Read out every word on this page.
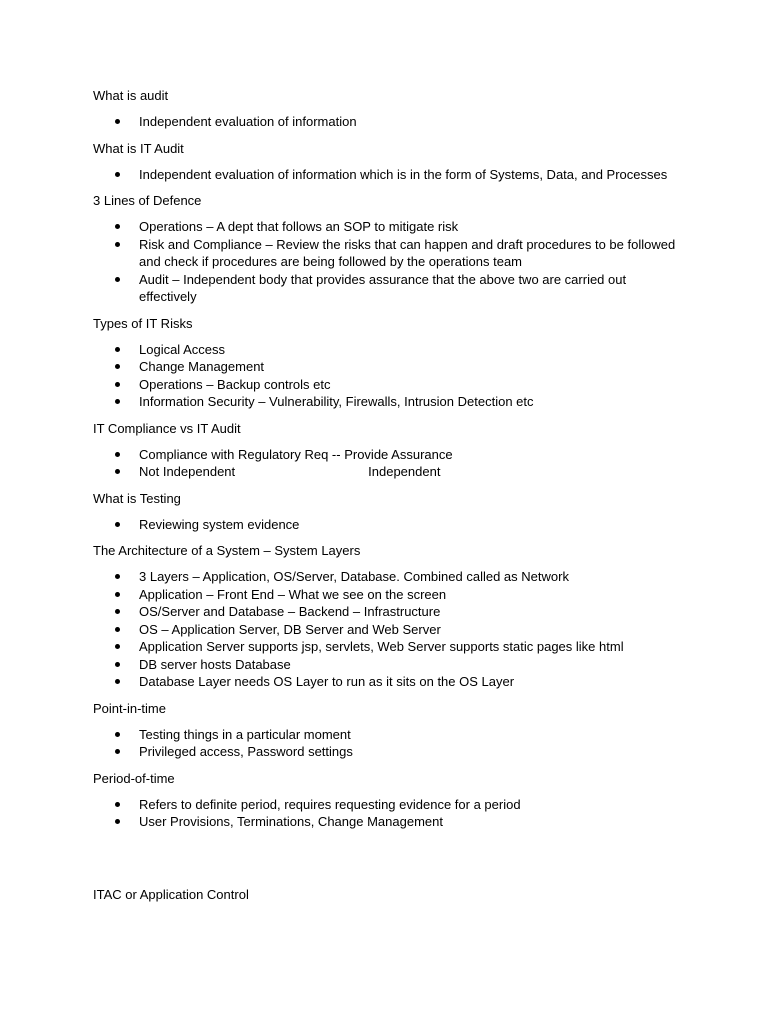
What is audit
Independent evaluation of information
What is IT Audit
Independent evaluation of information which is in the form of Systems, Data, and Processes
3 Lines of Defence
Operations – A dept that follows an SOP to mitigate risk
Risk and Compliance – Review the risks that can happen and draft procedures to be followed and check if procedures are being followed by the operations team
Audit – Independent body that provides assurance that the above two are carried out effectively
Types of IT Risks
Logical Access
Change Management
Operations – Backup controls etc
Information Security – Vulnerability, Firewalls, Intrusion Detection etc
IT Compliance vs IT Audit
Compliance with Regulatory Req -- Provide Assurance
Not Independent	Independent
What is Testing
Reviewing system evidence
The Architecture of a System – System Layers
3 Layers – Application, OS/Server, Database. Combined called as Network
Application – Front End – What we see on the screen
OS/Server and Database – Backend – Infrastructure
OS – Application Server, DB Server and Web Server
Application Server supports jsp, servlets, Web Server supports static pages like html
DB server hosts Database
Database Layer needs OS Layer to run as it sits on the OS Layer
Point-in-time
Testing things in a particular moment
Privileged access, Password settings
Period-of-time
Refers to definite period, requires requesting evidence for a period
User Provisions, Terminations, Change Management
ITAC or Application Control
